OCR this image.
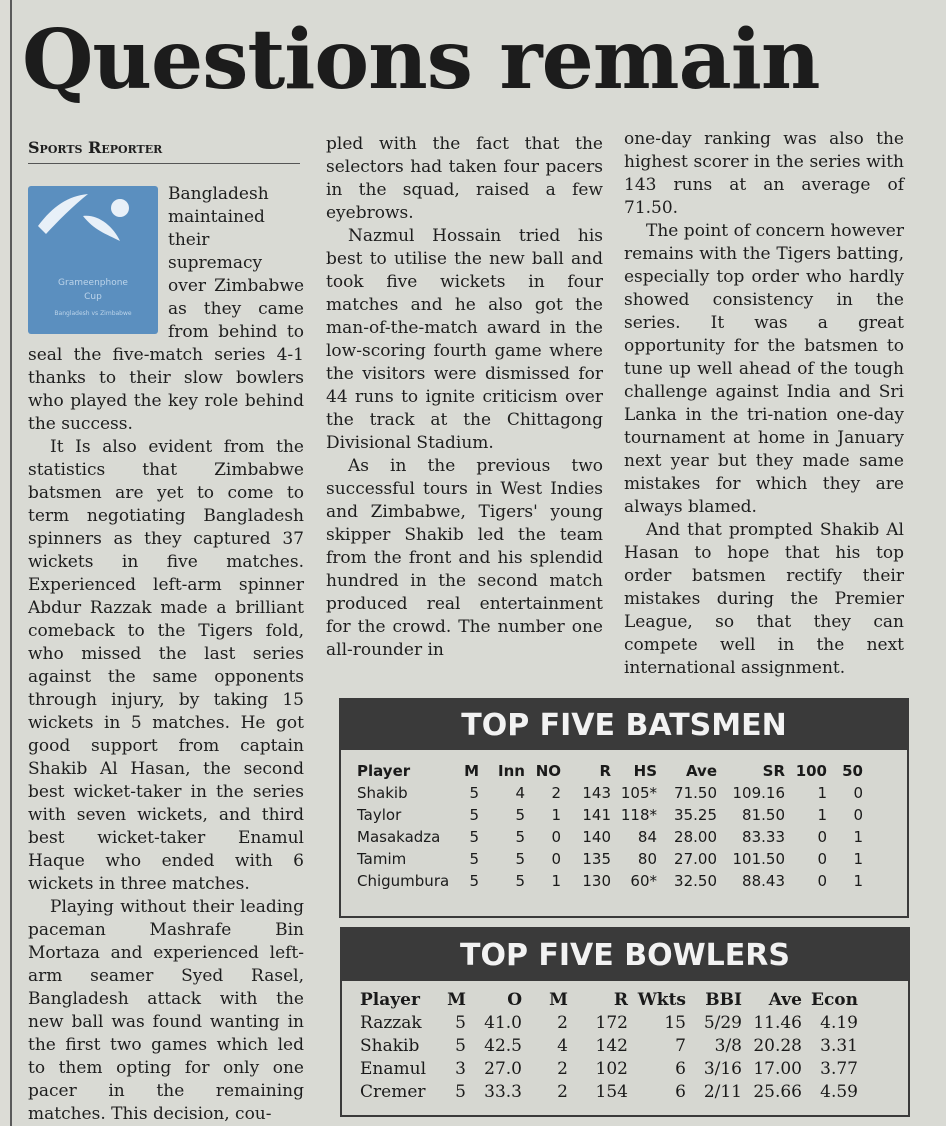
Questions remain
Sports Reporter
Grameenphone
Cup
Bangladesh vs Zimbabwe

Bangladesh maintained their supremacy over Zimbabwe as they came from behind to seal the five-match series 4-1 thanks to their slow bowlers who played the key role behind the success.

It Is also evident from the statistics that Zimbabwe batsmen are yet to come to term negotiating Bangladesh spinners as they captured 37 wickets in five matches. Experienced left-arm spinner Abdur Razzak made a brilliant comeback to the Tigers fold, who missed the last series against the same opponents through injury, by taking 15 wickets in 5 matches. He got good support from captain Shakib Al Hasan, the second best wicket-taker in the series with seven wickets, and third best wicket-taker Enamul Haque who ended with 6 wickets in three matches.

Playing without their leading paceman Mashrafe Bin Mortaza and experienced left-arm seamer Syed Rasel, Bangladesh attack with the new ball was found wanting in the first two games which led to them opting for only one pacer in the remaining matches. This decision, cou-

pled with the fact that the selectors had taken four pacers in the squad, raised a few eyebrows.

Nazmul Hossain tried his best to utilise the new ball and took five wickets in four matches and he also got the man-of-the-match award in the low-scoring fourth game where the visitors were dismissed for 44 runs to ignite criticism over the track at the Chittagong Divisional Stadium.

As in the previous two successful tours in West Indies and Zimbabwe, Tigers' young skipper Shakib led the team from the front and his splendid hundred in the second match produced real entertainment for the crowd. The number one all-rounder in

one-day ranking was also the highest scorer in the series with 143 runs at an average of 71.50.

The point of concern however remains with the Tigers batting, especially top order who hardly showed consistency in the series. It was a great opportunity for the batsmen to tune up well ahead of the tough challenge against India and Sri Lanka in the tri-nation one-day tournament at home in January next year but they made same mistakes for which they are always blamed.

And that prompted Shakib Al Hasan to hope that his top order batsmen rectify their mistakes during the Premier League, so that they can compete well in the next international assignment.

TOP FIVE BATSMEN
Player	M	Inn	NO	R	HS	Ave	SR	100	50
Shakib	5	4	2	143	105*	71.50	109.16	1	0
Taylor	5	5	1	141	118*	35.25	81.50	1	0
Masakadza	5	5	0	140	84	28.00	83.33	0	1
Tamim	5	5	0	135	80	27.00	101.50	0	1
Chigumbura	5	5	1	130	60*	32.50	88.43	0	1
TOP FIVE BOWLERS
Player	M	O	M	R	Wkts	BBI	Ave	Econ
Razzak	5	41.0	2	172	15	5/29	11.46	4.19
Shakib	5	42.5	4	142	7	3/8	20.28	3.31
Enamul	3	27.0	2	102	6	3/16	17.00	3.77
Cremer	5	33.3	2	154	6	2/11	25.66	4.59
